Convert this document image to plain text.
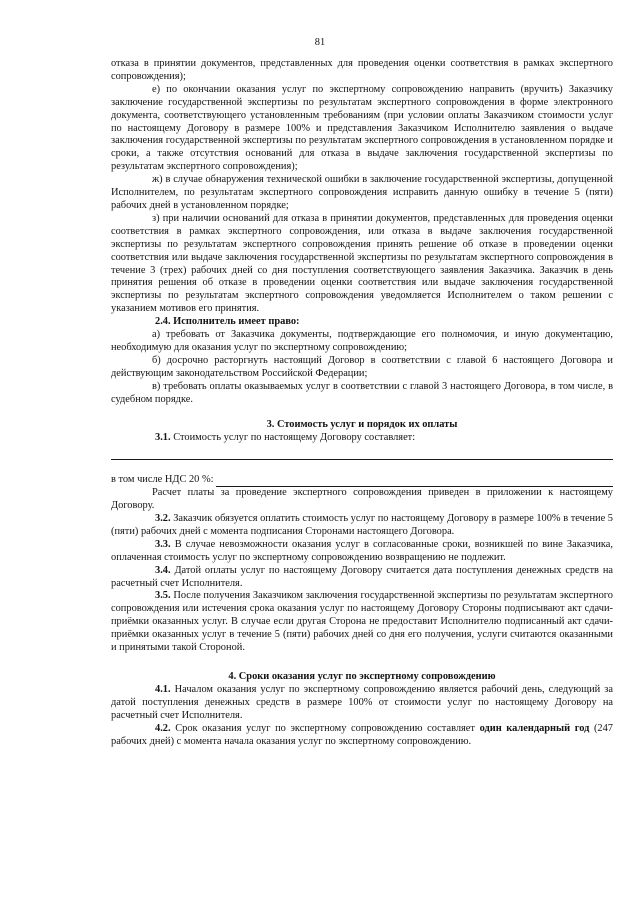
81

отказа в принятии документов, представленных для проведения оценки соответствия в рамках экспертного сопровождения);

е) по окончании оказания услуг по экспертному сопровождению направить (вручить) Заказчику заключение государственной экспертизы по результатам экспертного сопровождения в форме электронного документа, соответствующего установленным требованиям (при условии оплаты Заказчиком стоимости услуг по настоящему Договору в размере 100% и представления Заказчиком Исполнителю заявления о выдаче заключения государственной экспертизы по результатам экспертного сопровождения в установленном порядке и сроки, а также отсутствия оснований для отказа в выдаче заключения государственной экспертизы по результатам экспертного сопровождения);

ж) в случае обнаружения технической ошибки в заключение государственной экспертизы, допущенной Исполнителем, по результатам экспертного сопровождения исправить данную ошибку в течение 5 (пяти) рабочих дней в установленном порядке;

з) при наличии оснований для отказа в принятии документов, представленных для проведения оценки соответствия в рамках экспертного сопровождения, или отказа в выдаче заключения государственной экспертизы по результатам экспертного сопровождения принять решение об отказе в проведении оценки соответствия или выдаче заключения государственной экспертизы по результатам экспертного сопровождения в течение 3 (трех) рабочих дней со дня поступления соответствующего заявления Заказчика. Заказчик в день принятия решения об отказе в проведении оценки соответствия или выдаче заключения государственной экспертизы по результатам экспертного сопровождения уведомляется Исполнителем о таком решении с указанием мотивов его принятия.

2.4. Исполнитель имеет право:

а) требовать от Заказчика документы, подтверждающие его полномочия, и иную документацию, необходимую для оказания услуг по экспертному сопровождению;

б) досрочно расторгнуть настоящий Договор в соответствии с главой 6 настоящего Договора и действующим законодательством Российской Федерации;

в) требовать оплаты оказываемых услуг в соответствии с главой 3 настоящего Договора, в том числе, в судебном порядке.

3. Стоимость услуг и порядок их оплаты

3.1. Стоимость услуг по настоящему Договору составляет:

в том числе НДС 20 %:

Расчет платы за проведение экспертного сопровождения приведен в приложении к настоящему Договору.

3.2. Заказчик обязуется оплатить стоимость услуг по настоящему Договору в размере 100% в течение 5 (пяти) рабочих дней с момента подписания Сторонами настоящего Договора.

3.3. В случае невозможности оказания услуг в согласованные сроки, возникшей по вине Заказчика, оплаченная стоимость услуг по экспертному сопровождению возвращению не подлежит.

3.4. Датой оплаты услуг по настоящему Договору считается дата поступления денежных средств на расчетный счет Исполнителя.

3.5. После получения Заказчиком заключения государственной экспертизы по результатам экспертного сопровождения или истечения срока оказания услуг по настоящему Договору Стороны подписывают акт сдачи-приёмки оказанных услуг. В случае если другая Сторона не предоставит Исполнителю подписанный акт сдачи-приёмки оказанных услуг в течение 5 (пяти) рабочих дней со дня его получения, услуги считаются оказанными и принятыми такой Стороной.

4. Сроки оказания услуг по экспертному сопровождению

4.1. Началом оказания услуг по экспертному сопровождению является рабочий день, следующий за датой поступления денежных средств в размере 100% от стоимости услуг по настоящему Договору на расчетный счет Исполнителя.

4.2. Срок оказания услуг по экспертному сопровождению составляет один календарный год (247 рабочих дней) с момента начала оказания услуг по экспертному сопровождению.
